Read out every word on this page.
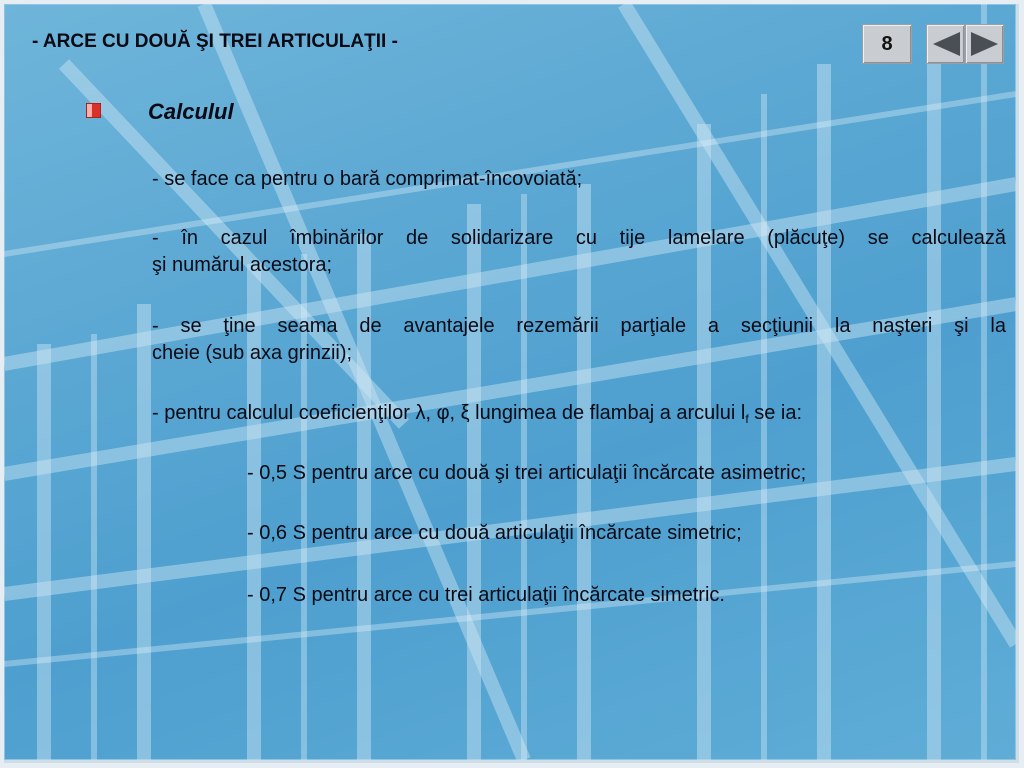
- ARCE CU DOUĂ ŞI TREI ARTICULAŢII -	8
Calculul
- se face ca pentru o bară comprimat-încovoiată;
- în cazul îmbinărilor de solidarizare cu tije lamelare (plăcuţe) se calculează
şi numărul acestora;
- se ţine seama de avantajele rezemării parţiale a secţiunii la naşteri şi la
cheie (sub axa grinzii);
- pentru calculul coeficienţilor λ, φ, ξ lungimea de flambaj a arcului $l_f$ se ia:
- 0,5 S pentru arce cu două şi trei articulaţii încărcate asimetric;
- 0,6 S pentru arce cu două articulaţii încărcate simetric;
- 0,7 S pentru arce cu trei articulaţii încărcate simetric.
